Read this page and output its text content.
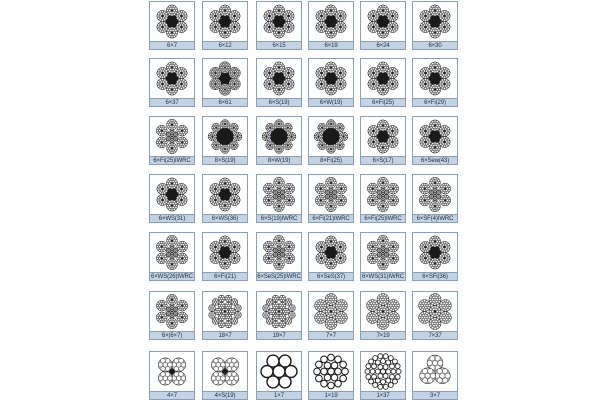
6×7	6×12	6×15	6×19	6×24	6×30
6×37	6×61	6×S(19)	6×W(19)	6×Fi(25)	6×Fi(29)
6×Fi(25)IWRC	8×S(19)	8×W(19)	8×Fi(25)	6×S(17)	6×Sew(43)
6×WS(31)	6×WS(36)	6×S(19)IWRC	6×Fi(21)IWRC	6×Fi(25)IWRC	6×SF(4)IWRC
6×WS(26)IWRC	6×Fi(21)	6×SeS(25)IWRC	6×SeS(37)	6×WS(31)IWRC	6×SFi(36)
6×(6×7)	18×7	19×7	7×7	7×19	7×37
4×7	4×S(19)	1×7	1×19	1×37	3×7
